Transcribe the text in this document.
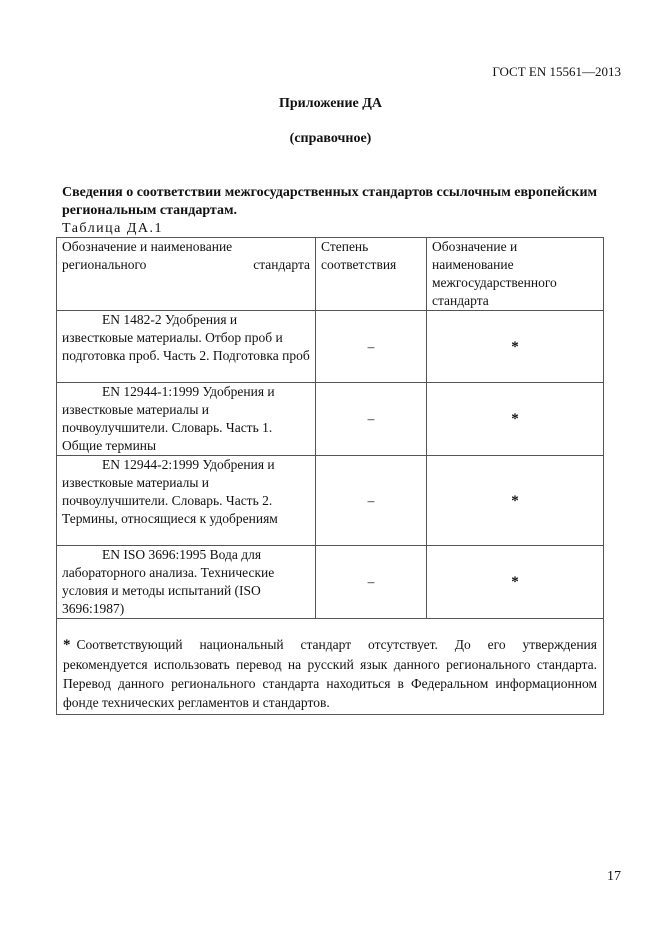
ГОСТ EN 15561—2013
Приложение ДА
(справочное)
Сведения о соответствии межгосударственных стандартов ссылочным европейским региональным стандартам.
Таблица ДА.1
Обозначение и наименование регионального стандарта	Степень соответствия	Обозначение и наименование межгосударственного стандарта
EN 1482-2 Удобрения и известковые материалы. Отбор проб и подготовка проб. Часть 2. Подготовка проб	–	*
EN 12944-1:1999 Удобрения и известковые материалы и почвоулучшители. Словарь. Часть 1. Общие термины	–	*
EN 12944-2:1999 Удобрения и известковые материалы и почвоулучшители. Словарь. Часть 2. Термины, относящиеся к удобрениям	–	*
EN ISO 3696:1995 Вода для лабораторного анализа. Технические условия и методы испытаний (ISO 3696:1987)	–	*
* Соответствующий национальный стандарт отсутствует. До его утверждения рекомендуется использовать перевод на русский язык данного регионального стандарта. Перевод данного регионального стандарта находиться в Федеральном информационном фонде технических регламентов и стандартов.		
17
